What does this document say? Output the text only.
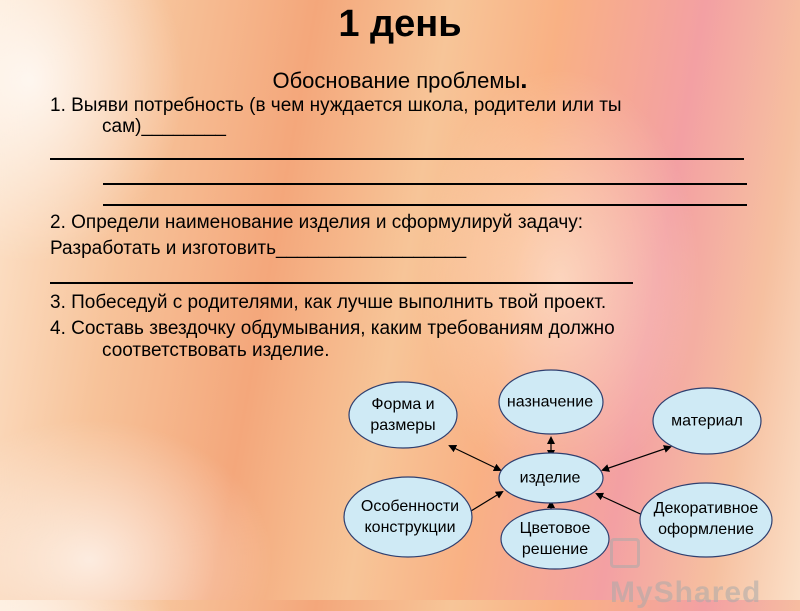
1 день
Обоснование проблемы.
1. Выяви потребность (в чем нуждается школа, родители или ты
сам)________
2. Определи наименование изделия и сформулируй задачу:
Разработать и изготовить__________________
3. Побеседуй с родителями, как лучше выполнить твой проект.
4. Составь звездочку обдумывания, каким требованиям должно
соответствовать изделие.
Форма и
размеры
назначение
материал
изделие
Особенности
конструкции	Цветовое
решение
Декоративное
оформление
MyShared
